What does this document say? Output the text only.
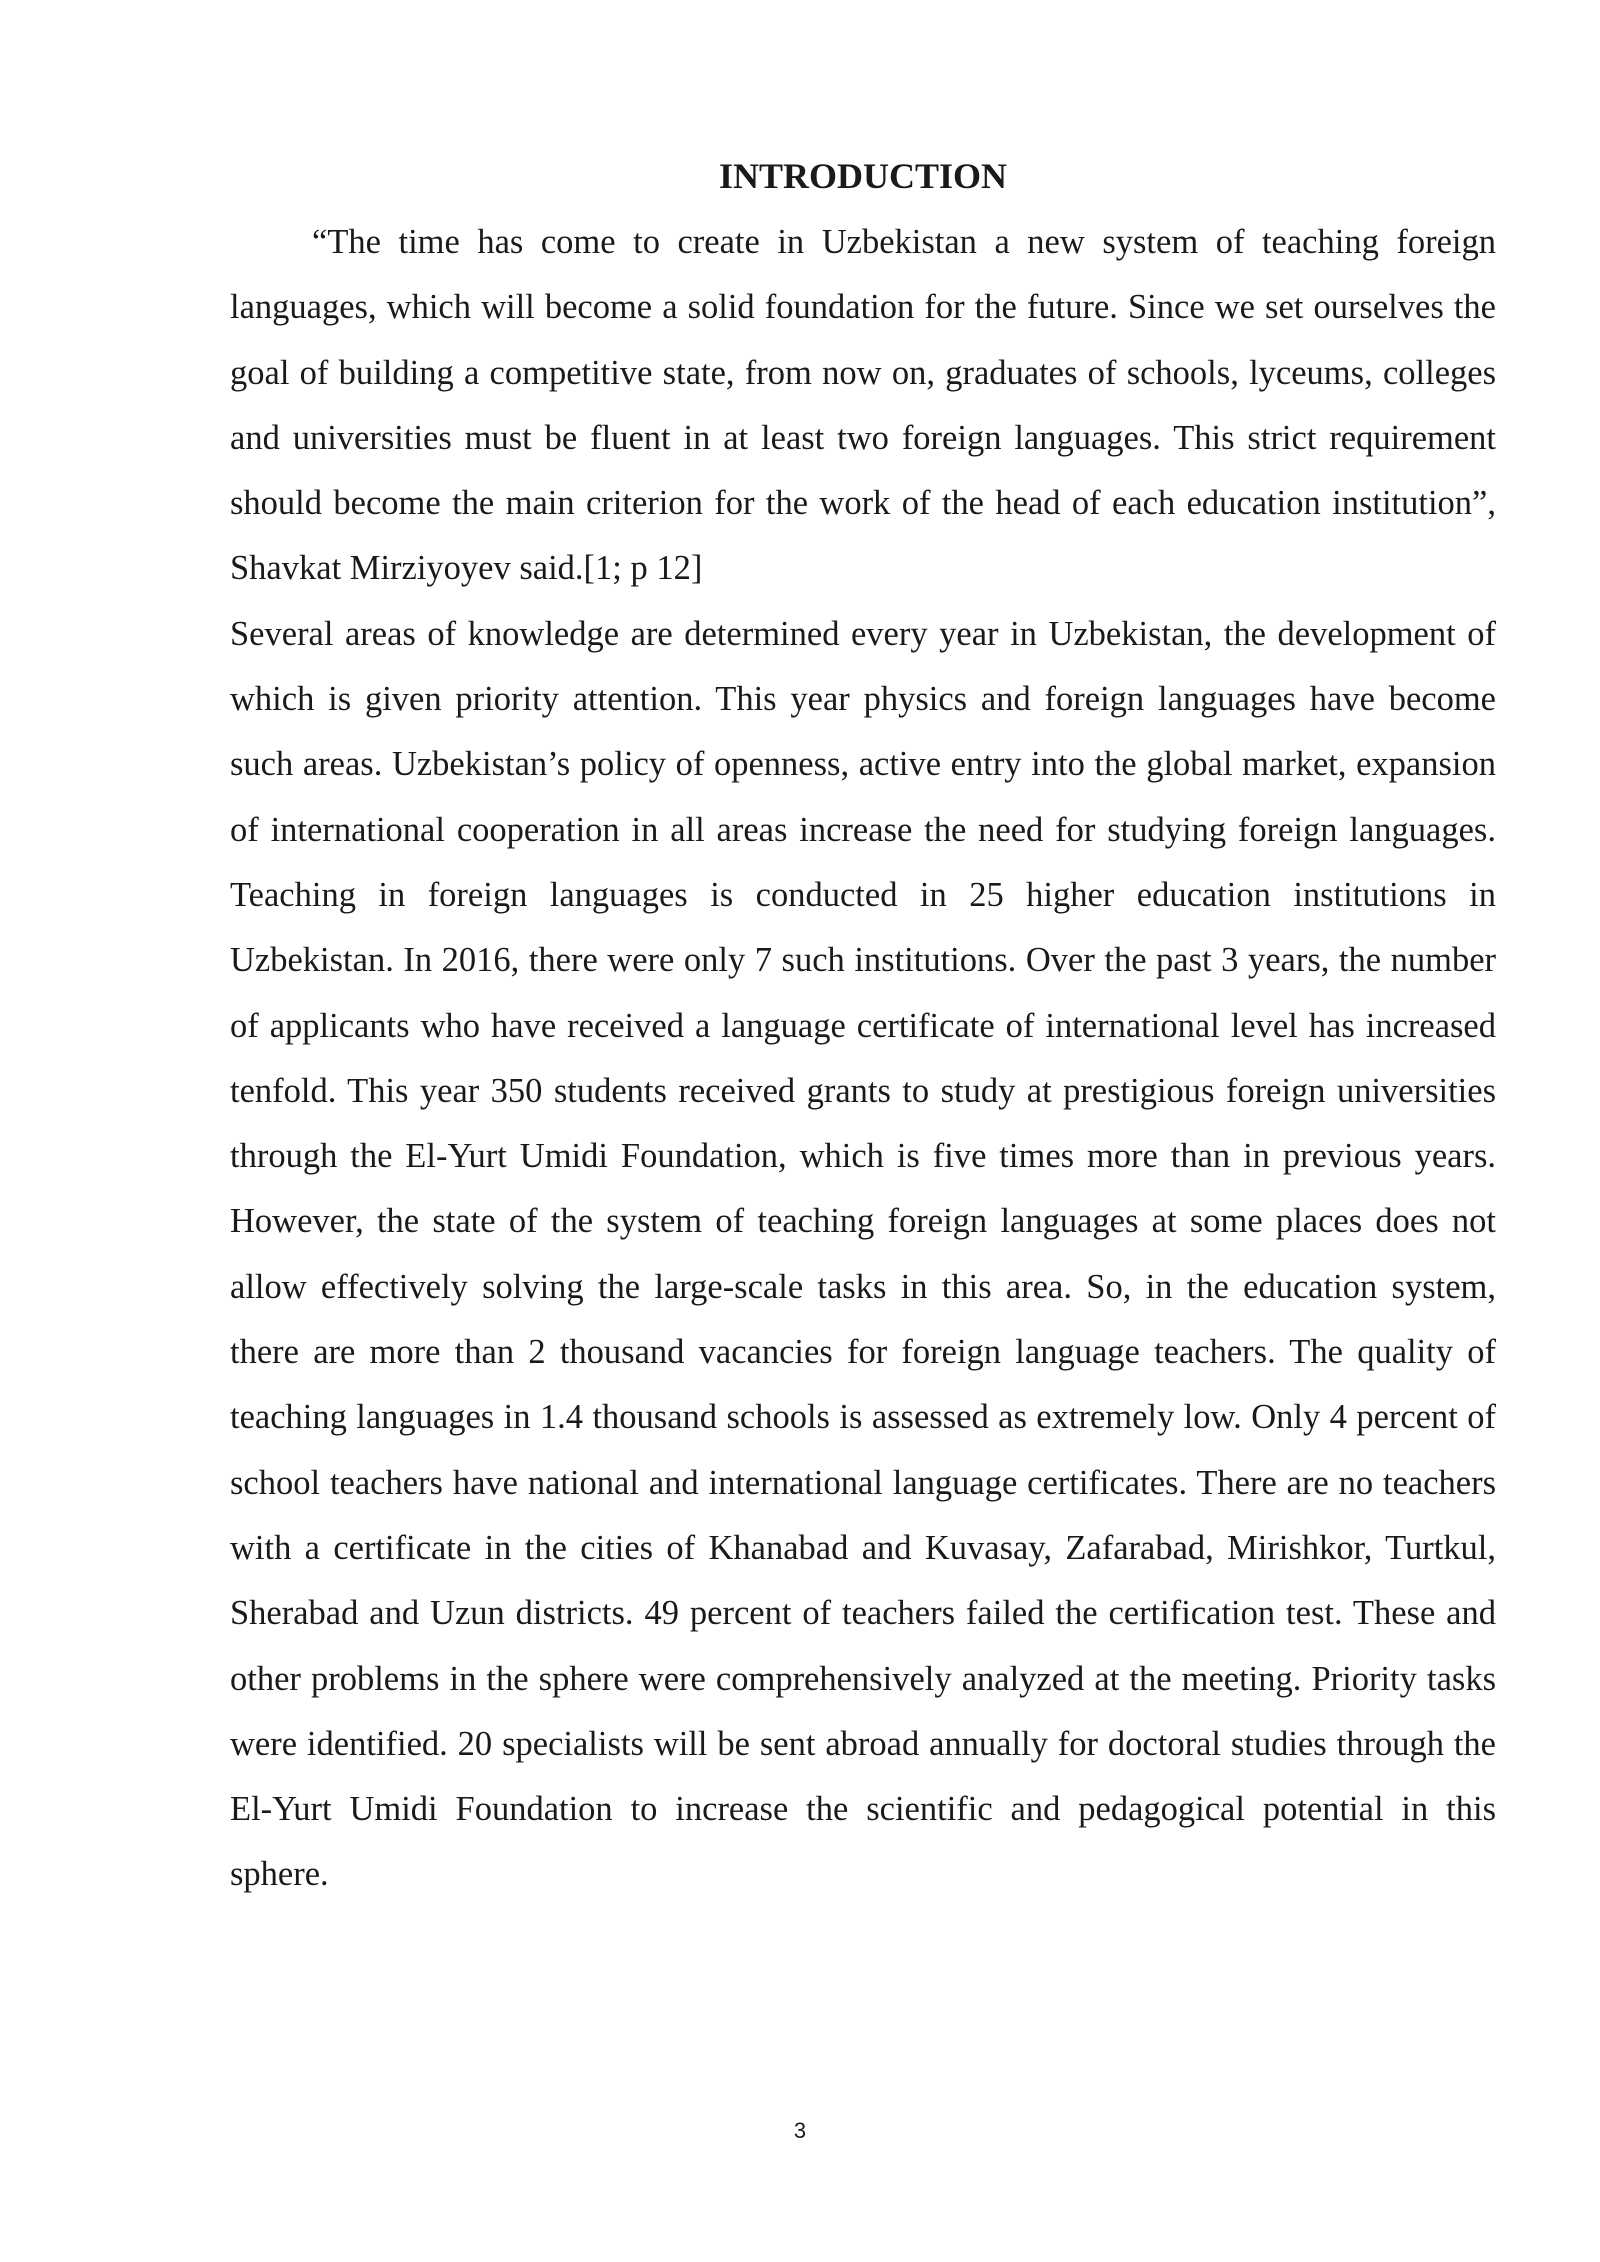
INTRODUCTION

“The time has come to create in Uzbekistan a new system of teaching foreign languages, which will become a solid foundation for the future. Since we set ourselves the goal of building a competitive state, from now on, graduates of schools, lyceums, colleges and universities must be fluent in at least two foreign languages. This strict requirement should become the main criterion for the work of the head of each education institution”, Shavkat Mirziyoyev said.[1; p 12]

Several areas of knowledge are determined every year in Uzbekistan, the development of which is given priority attention. This year physics and foreign languages have become such areas. Uzbekistan’s policy of openness, active entry into the global market, expansion of international cooperation in all areas increase the need for studying foreign languages. Teaching in foreign languages is conducted in 25 higher education institutions in Uzbekistan. In 2016, there were only 7 such institutions. Over the past 3 years, the number of applicants who have received a language certificate of international level has increased tenfold. This year 350 students received grants to study at prestigious foreign universities through the El-Yurt Umidi Foundation, which is five times more than in previous years. However, the state of the system of teaching foreign languages at some places does not allow effectively solving the large-scale tasks in this area. So, in the education system, there are more than 2 thousand vacancies for foreign language teachers. The quality of teaching languages in 1.4 thousand schools is assessed as extremely low. Only 4 percent of school teachers have national and international language certificates. There are no teachers with a certificate in the cities of Khanabad and Kuvasay, Zafarabad, Mirishkor, Turtkul, Sherabad and Uzun districts. 49 percent of teachers failed the certification test. These and other problems in the sphere were comprehensively analyzed at the meeting. Priority tasks were identified. 20 specialists will be sent abroad annually for doctoral studies through the El-Yurt Umidi Foundation to increase the scientific and pedagogical potential in this sphere.

3
